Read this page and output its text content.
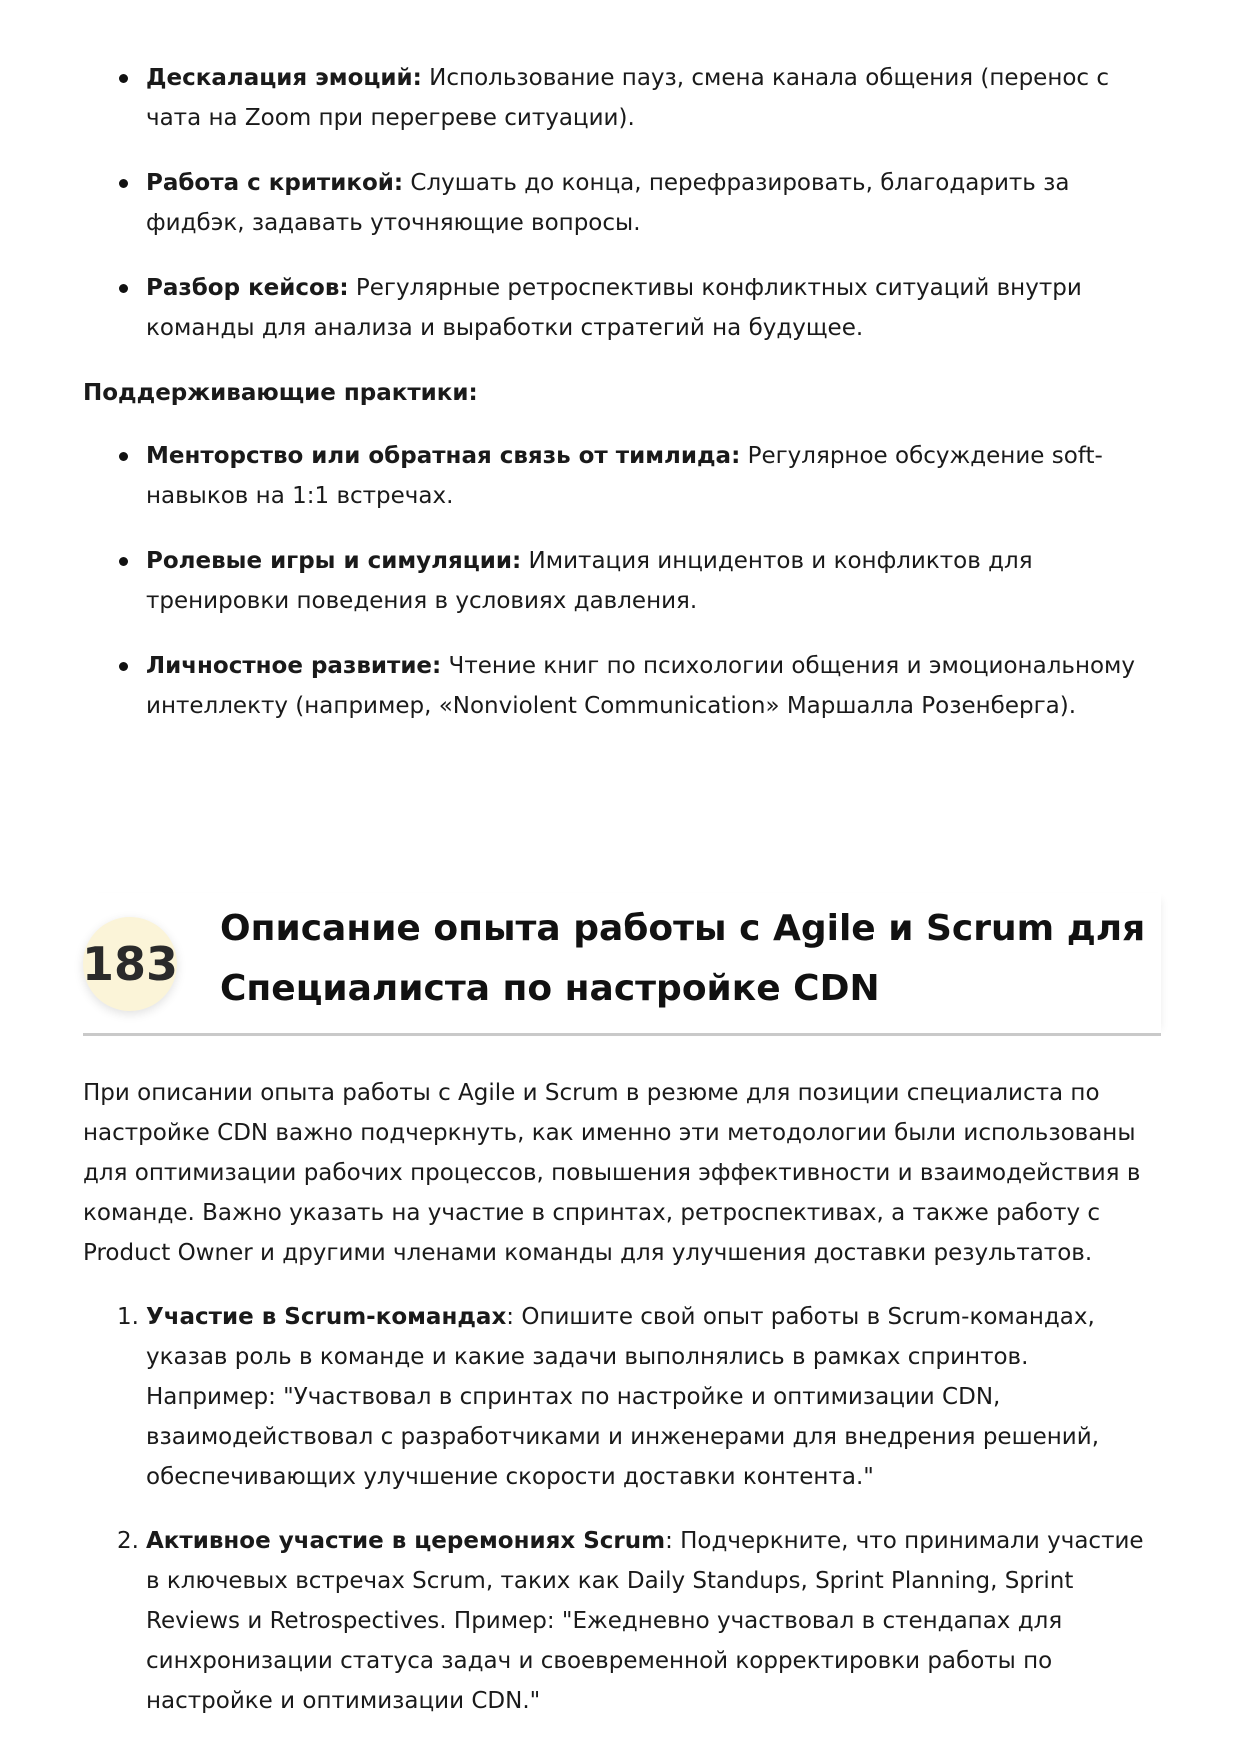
Дескалация эмоций: Использование пауз, смена канала общения (перенос с чата на Zoom при перегреве ситуации).
Работа с критикой: Слушать до конца, перефразировать, благодарить за фидбэк, задавать уточняющие вопросы.
Разбор кейсов: Регулярные ретроспективы конфликтных ситуаций внутри команды для анализа и выработки стратегий на будущее.
Поддерживающие практики:
Менторство или обратная связь от тимлида: Регулярное обсуждение soft-навыков на 1:1 встречах.
Ролевые игры и симуляции: Имитация инцидентов и конфликтов для тренировки поведения в условиях давления.
Личностное развитие: Чтение книг по психологии общения и эмоциональному интеллекту (например, «Nonviolent Communication» Маршалла Розенберга).
183
Описание опыта работы с Agile и Scrum для Специалиста по настройке CDN

При описании опыта работы с Agile и Scrum в резюме для позиции специалиста по настройке CDN важно подчеркнуть, как именно эти методологии были использованы для оптимизации рабочих процессов, повышения эффективности и взаимодействия в команде. Важно указать на участие в спринтах, ретроспективах, а также работу с Product Owner и другими членами команды для улучшения доставки результатов.

1. Участие в Scrum-командах: Опишите свой опыт работы в Scrum-командах, указав роль в команде и какие задачи выполнялись в рамках спринтов. Например: "Участвовал в спринтах по настройке и оптимизации CDN, взаимодействовал с разработчиками и инженерами для внедрения решений, обеспечивающих улучшение скорости доставки контента."
2. Активное участие в церемониях Scrum: Подчеркните, что принимали участие в ключевых встречах Scrum, таких как Daily Standups, Sprint Planning, Sprint Reviews и Retrospectives. Пример: "Ежедневно участвовал в стендапах для синхронизации статуса задач и своевременной корректировки работы по настройке и оптимизации CDN."
